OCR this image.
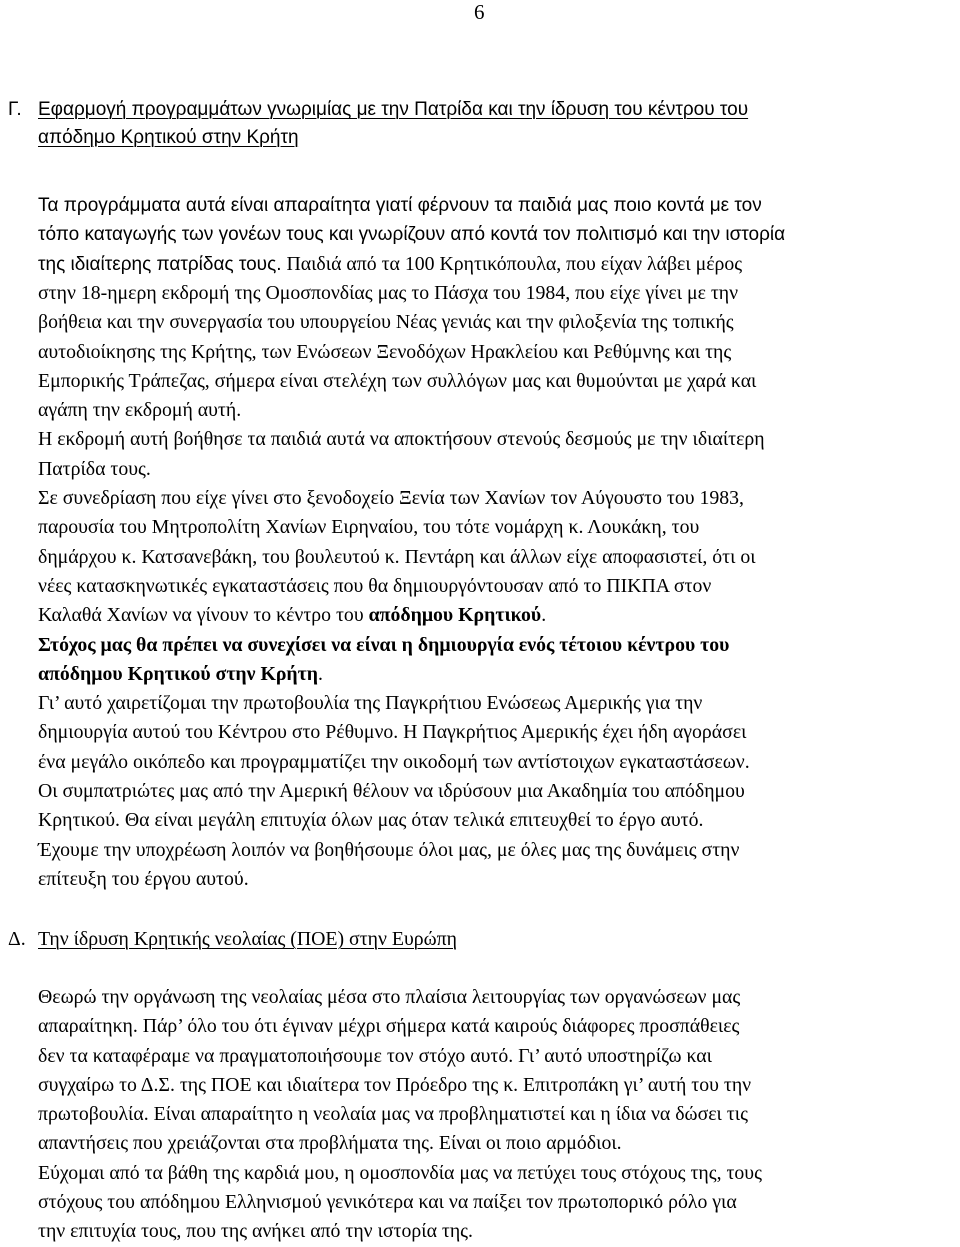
6
Γ. Εφαρμογή προγραμμάτων γνωριμίας με την Πατρίδα και την ίδρυση του κέντρου του
απόδημο Κρητικού στην Κρήτη
Τα προγράμματα αυτά είναι απαραίτητα γιατί φέρνουν τα παιδιά μας ποιο κοντά με τον
τόπο καταγωγής των γονέων τους και γνωρίζουν από κοντά τον πολιτισμό και την ιστορία
της ιδιαίτερης πατρίδας τους. Παιδιά από τα 100 Κρητικόπουλα, που είχαν λάβει μέρος
στην 18-ημερη εκδρομή της Ομοσπονδίας μας το Πάσχα του 1984, που είχε γίνει με την
βοήθεια και την συνεργασία του υπουργείου Νέας γενιάς και την φιλοξενία της τοπικής
αυτοδιοίκησης της Κρήτης, των Ενώσεων Ξενοδόχων Ηρακλείου και Ρεθύμνης και της
Εμπορικής Τράπεζας, σήμερα είναι στελέχη των συλλόγων μας και θυμούνται με χαρά και
αγάπη την εκδρομή αυτή.
Η εκδρομή αυτή βοήθησε τα παιδιά αυτά να αποκτήσουν στενούς δεσμούς με την ιδιαίτερη
Πατρίδα τους.
Σε συνεδρίαση που είχε γίνει στο ξενοδοχείο Ξενία των Χανίων τον Αύγουστο του 1983,
παρουσία του Μητροπολίτη Χανίων Ειρηναίου, του τότε νομάρχη κ. Λουκάκη, του
δημάρχου κ. Κατσανεβάκη, του βουλευτού κ. Πεντάρη και άλλων είχε αποφασιστεί, ότι οι
νέες κατασκηνωτικές εγκαταστάσεις που θα δημιουργόντουσαν από το ΠΙΚΠΑ στον
Καλαθά Χανίων να γίνουν το κέντρο του απόδημου Κρητικού.
Στόχος μας θα πρέπει να συνεχίσει να είναι η δημιουργία ενός τέτοιου κέντρου του
απόδημου Κρητικού στην Κρήτη.
Γι’ αυτό χαιρετίζομαι την πρωτοβουλία της Παγκρήτιου Ενώσεως Αμερικής για την
δημιουργία αυτού του Κέντρου στο Ρέθυμνο. Η Παγκρήτιος Αμερικής έχει ήδη αγοράσει
ένα μεγάλο οικόπεδο και προγραμματίζει την οικοδομή των αντίστοιχων εγκαταστάσεων.
Οι συμπατριώτες μας από την Αμερική θέλουν να ιδρύσουν μια Ακαδημία του απόδημου
Κρητικού. Θα είναι μεγάλη επιτυχία όλων μας όταν τελικά επιτευχθεί το έργο αυτό.
Έχουμε την υποχρέωση λοιπόν να βοηθήσουμε όλοι μας, με όλες μας της δυνάμεις στην
επίτευξη του έργου αυτού.
Δ. Την ίδρυση Κρητικής νεολαίας (ΠΟΕ) στην Ευρώπη
Θεωρώ την οργάνωση της νεολαίας μέσα στο πλαίσια λειτουργίας των οργανώσεων μας
απαραίτηκη. Πάρ’ όλο του ότι έγιναν μέχρι σήμερα κατά καιρούς διάφορες προσπάθειες
δεν τα καταφέραμε να πραγματοποιήσουμε τον στόχο αυτό. Γι’ αυτό υποστηρίζω και
συγχαίρω το Δ.Σ. της ΠΟΕ και ιδιαίτερα τον Πρόεδρο της κ. Επιτροπάκη γι’ αυτή του την
πρωτοβουλία. Είναι απαραίτητο η νεολαία μας να προβληματιστεί και η ίδια να δώσει τις
απαντήσεις που χρειάζονται στα προβλήματα της. Είναι οι ποιο αρμόδιοι.
Εύχομαι από τα βάθη της καρδιά μου, η ομοσπονδία μας να πετύχει τους στόχους της, τους
στόχους του απόδημου Ελληνισμού γενικότερα και να παίξει τον πρωτοπορικό ρόλο για
την επιτυχία τους, που της ανήκει από την ιστορία της.
